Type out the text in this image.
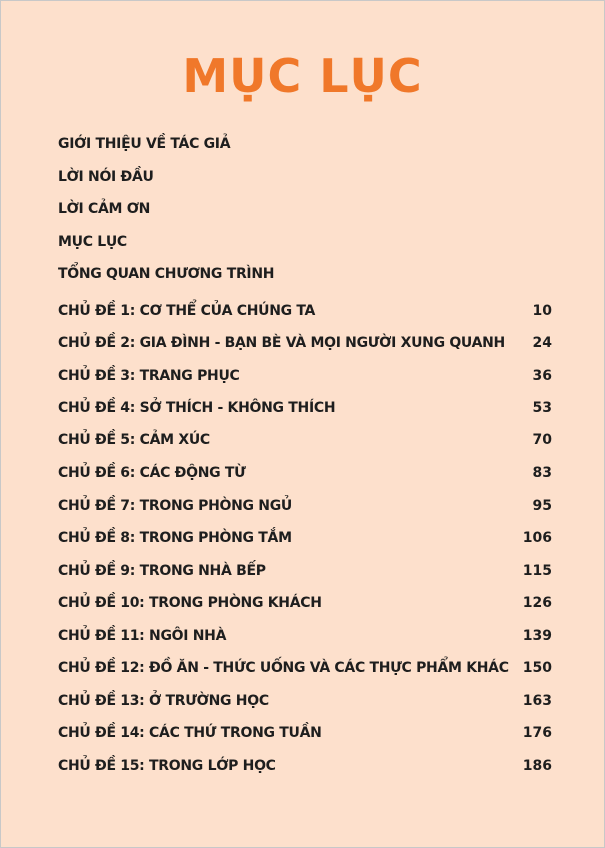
MỤC LỤC
GIỚI THIỆU VỀ TÁC GIẢ
LỜI NÓI ĐẦU
LỜI CẢM ƠN
MỤC LỤC
TỔNG QUAN CHƯƠNG TRÌNH
CHỦ ĐỀ 1: CƠ THỂ CỦA CHÚNG TA	10
CHỦ ĐỀ 2: GIA ĐÌNH - BẠN BÈ VÀ MỌI NGƯỜI XUNG QUANH	24
CHỦ ĐỀ 3: TRANG PHỤC	36
CHỦ ĐỀ 4: SỞ THÍCH - KHÔNG THÍCH	53
CHỦ ĐỀ 5: CẢM XÚC	70
CHỦ ĐỀ 6: CÁC ĐỘNG TỪ	83
CHỦ ĐỀ 7: TRONG PHÒNG NGỦ	95
CHỦ ĐỀ 8: TRONG PHÒNG TẮM	106
CHỦ ĐỀ 9: TRONG NHÀ BẾP	115
CHỦ ĐỀ 10: TRONG PHÒNG KHÁCH	126
CHỦ ĐỀ 11: NGÔI NHÀ	139
CHỦ ĐỀ 12: ĐỒ ĂN - THỨC UỐNG VÀ CÁC THỰC PHẨM KHÁC 150
CHỦ ĐỀ 13: Ở TRƯỜNG HỌC	163
CHỦ ĐỀ 14: CÁC THỨ TRONG TUẦN	176
CHỦ ĐỀ 15: TRONG LỚP HỌC	186
